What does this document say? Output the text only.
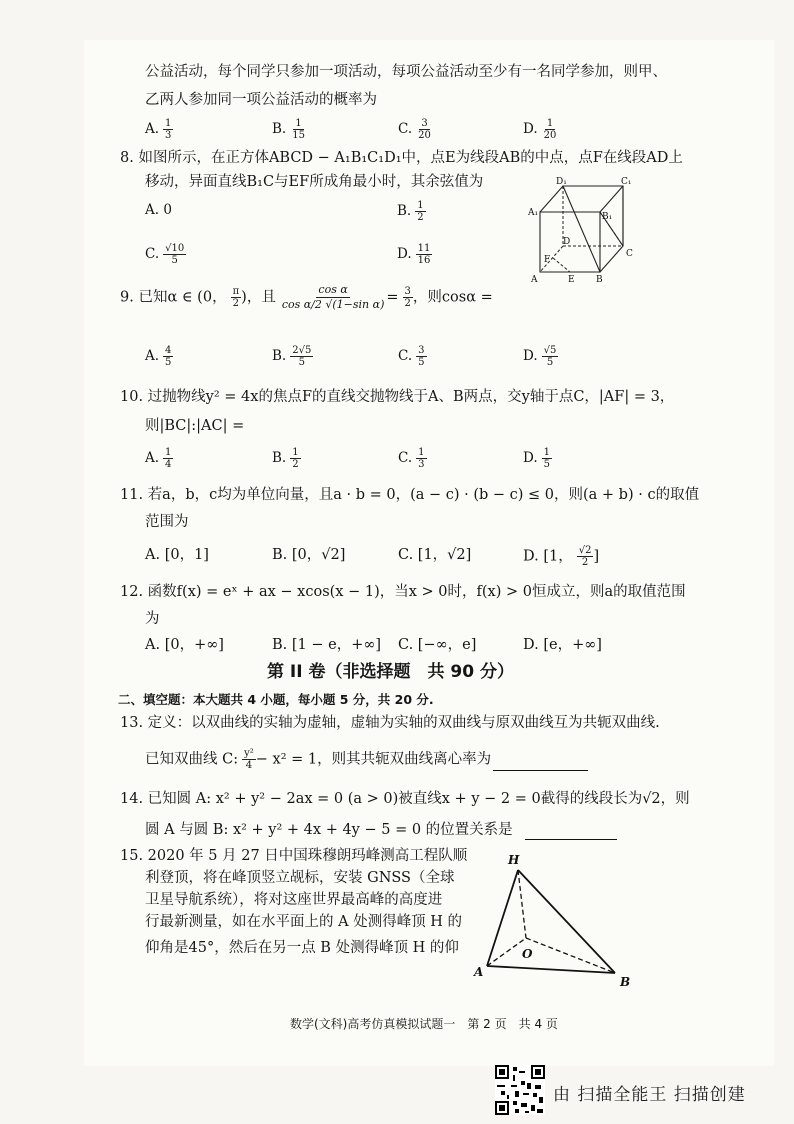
公益活动，每个同学只参加一项活动，每项公益活动至少有一名同学参加，则甲、
乙两人参加同一项公益活动的概率为
A. $\frac{1}{3}$	B. $\frac{1}{15}$	C. $\frac{3}{20}$	D. $\frac{1}{20}$
8. 如图所示，在正方体ABCD − A₁B₁C₁D₁中，点E为线段AB的中点，点F在线段AD上
移动，异面直线B₁C与EF所成角最小时，其余弦值为
A. 0	B. $\frac{1}{2}$
C. $\frac{√10}{5}$	D. $\frac{11}{16}$
D₁	C₁
A₁	B₁
D
C
F
A	E B
9. 已知α ∈ (0， $\frac{\pi}{2}$ )，且 $\frac{\text{cos α}}{\text{cos α/2 √(1−sin α)}} = \frac{3}{2}$ ，则cosα =
A. $\frac{4}{5}$	B. $\frac{2√5}{5}$	C. $\frac{3}{5}$	D. $\frac{√5}{5}$
10. 过抛物线y² = 4x的焦点F的直线交抛物线于A、B两点，交y轴于点C，|AF| = 3，
则|BC|:|AC| =
A. $\frac{1}{4}$	B. $\frac{1}{2}$	C. $\frac{1}{3}$	D. $\frac{1}{5}$
11. 若a，b，c均为单位向量，且a · b = 0，(a − c) · (b − c) ≤ 0，则(a + b) · c的取值
范围为
A. [0，1]	B. [0，√2]	C. [1，√2]	D. [1， $\frac{√2}{2}$ ]
12. 函数f(x) = eˣ + ax − xcos(x − 1)，当x > 0时，f(x) > 0恒成立，则a的取值范围
为
A. [0，+∞]	B. [1 − e，+∞] C. [−∞，e]	D. [e，+∞]
第 II 卷（非选择题　共 90 分）
二、填空题：本大题共 4 小题，每小题 5 分，共 20 分.
13. 定义：以双曲线的实轴为虚轴，虚轴为实轴的双曲线与原双曲线互为共轭双曲线.
已知双曲线 C: $\frac{\text{y²}}{4} - x^2 = 1$，则其共轭双曲线离心率为
14. 已知圆 A: x² + y² − 2ax = 0 (a > 0)被直线x + y − 2 = 0截得的线段长为√2，则
圆 A 与圆 B: x² + y² + 4x + 4y − 5 = 0 的位置关系是
15. 2020 年 5 月 27 日中国珠穆朗玛峰测高工程队顺
利登顶，将在峰顶竖立觇标，安装 GNSS（全球
卫星导航系统），将对这座世界最高峰的高度进
行最新测量，如在水平面上的 A 处测得峰顶 H 的
仰角是45°，然后在另一点 B 处测得峰顶 H 的仰
H
O
A
B
数学(文科)高考仿真模拟试题一　第 2 页　共 4 页
由 扫描全能王 扫描创建
